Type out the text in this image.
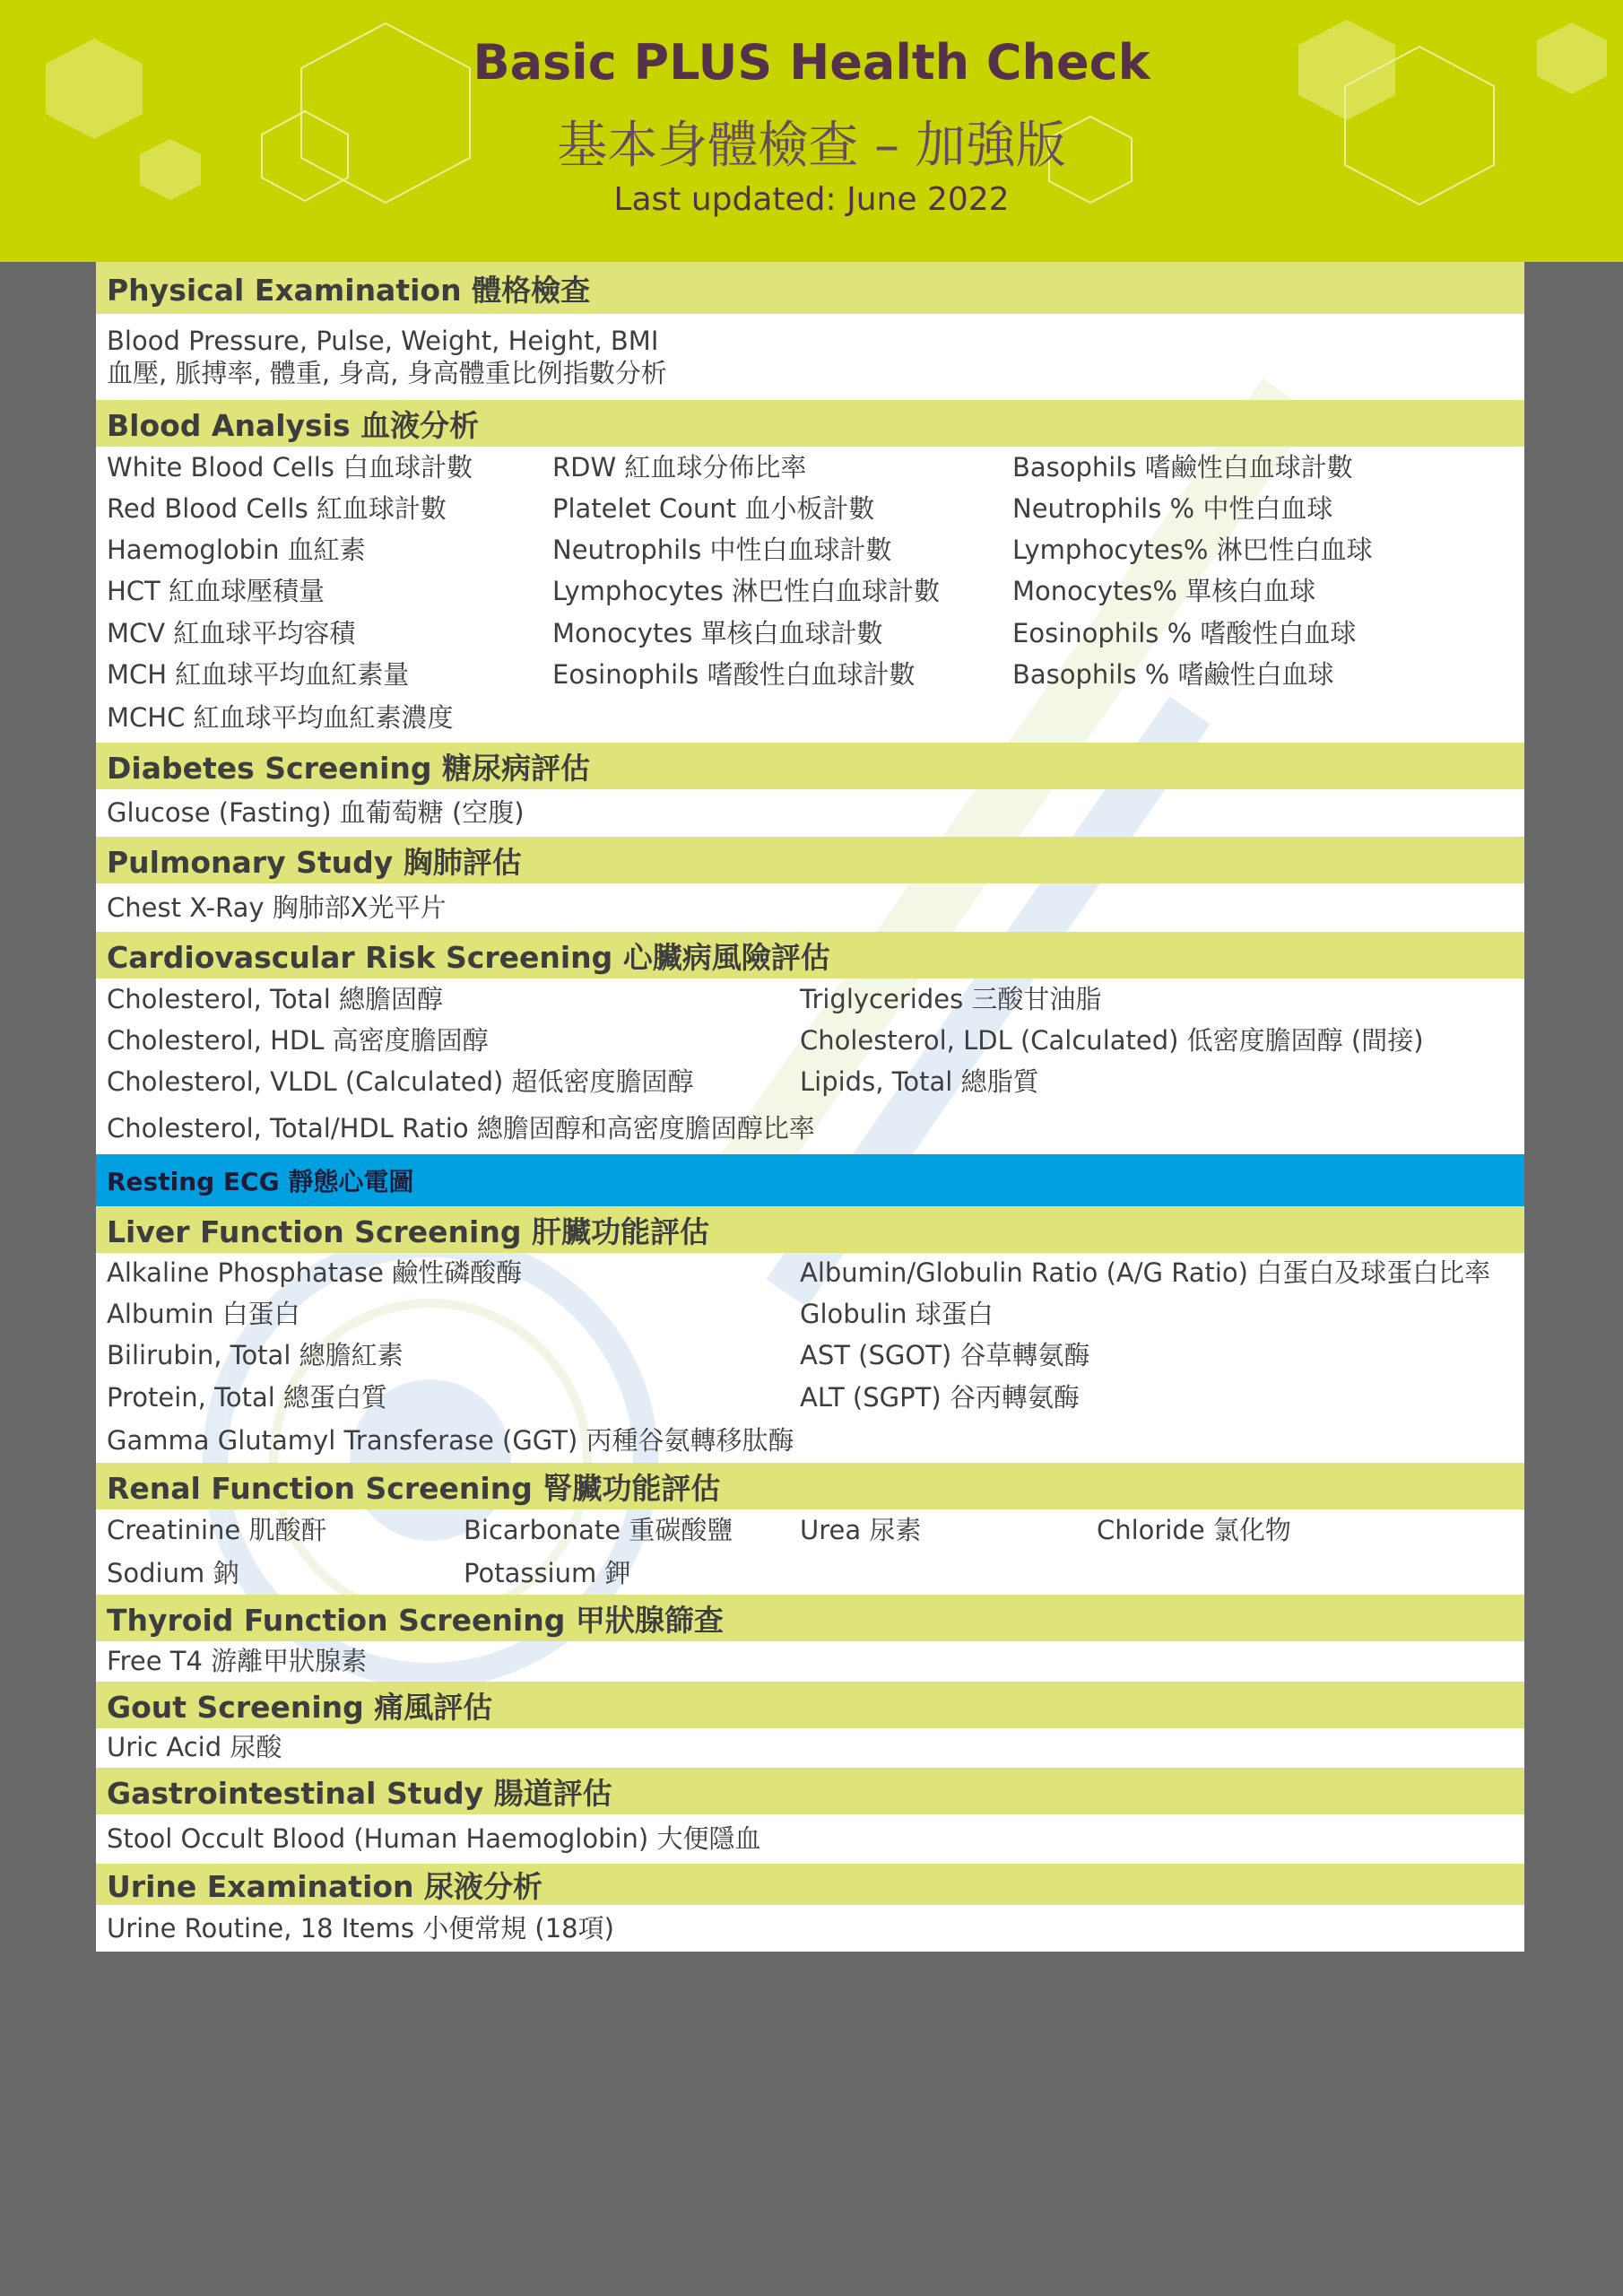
Basic PLUS Health Check
基本身體檢查 – 加強版
Last updated: June 2022
Physical Examination 體格檢查
Blood Pressure, Pulse, Weight, Height, BMI
血壓, 脈搏率, 體重, 身高, 身高體重比例指數分析
Blood Analysis 血液分析
White Blood Cells 白血球計數	RDW 紅血球分佈比率	Basophils 嗜鹼性白血球計數
Red Blood Cells 紅血球計數	Platelet Count 血小板計數	Neutrophils % 中性白血球
Haemoglobin 血紅素	Neutrophils 中性白血球計數	Lymphocytes% 淋巴性白血球
HCT 紅血球壓積量	Lymphocytes 淋巴性白血球計數	Monocytes% 單核白血球
MCV 紅血球平均容積	Monocytes 單核白血球計數	Eosinophils % 嗜酸性白血球
MCH 紅血球平均血紅素量	Eosinophils 嗜酸性白血球計數	Basophils % 嗜鹼性白血球
MCHC 紅血球平均血紅素濃度
Diabetes Screening 糖尿病評估
Glucose (Fasting) 血葡萄糖 (空腹)
Pulmonary Study 胸肺評估
Chest X-Ray 胸肺部X光平片
Cardiovascular Risk Screening 心臟病風險評估
Cholesterol, Total 總膽固醇	Triglycerides 三酸甘油脂
Cholesterol, HDL 高密度膽固醇	Cholesterol, LDL (Calculated) 低密度膽固醇 (間接)
Cholesterol, VLDL (Calculated) 超低密度膽固醇	Lipids, Total 總脂質
Cholesterol, Total/HDL Ratio 總膽固醇和高密度膽固醇比率
Resting ECG 靜態心電圖
Liver Function Screening 肝臟功能評估
Alkaline Phosphatase 鹼性磷酸酶	Albumin/Globulin Ratio (A/G Ratio) 白蛋白及球蛋白比率
Albumin 白蛋白	Globulin 球蛋白
Bilirubin, Total 總膽紅素	AST (SGOT) 谷草轉氨酶
Protein, Total 總蛋白質	ALT (SGPT) 谷丙轉氨酶
Gamma Glutamyl Transferase (GGT) 丙種谷氨轉移肽酶
Renal Function Screening 腎臟功能評估
Creatinine 肌酸酐	Bicarbonate 重碳酸鹽	Urea 尿素	Chloride 氯化物
Sodium 鈉	Potassium 鉀
Thyroid Function Screening 甲狀腺篩查
Free T4 游離甲狀腺素
Gout Screening 痛風評估
Uric Acid 尿酸
Gastrointestinal Study 腸道評估
Stool Occult Blood (Human Haemoglobin) 大便隱血
Urine Examination 尿液分析
Urine Routine, 18 Items 小便常規 (18項)
